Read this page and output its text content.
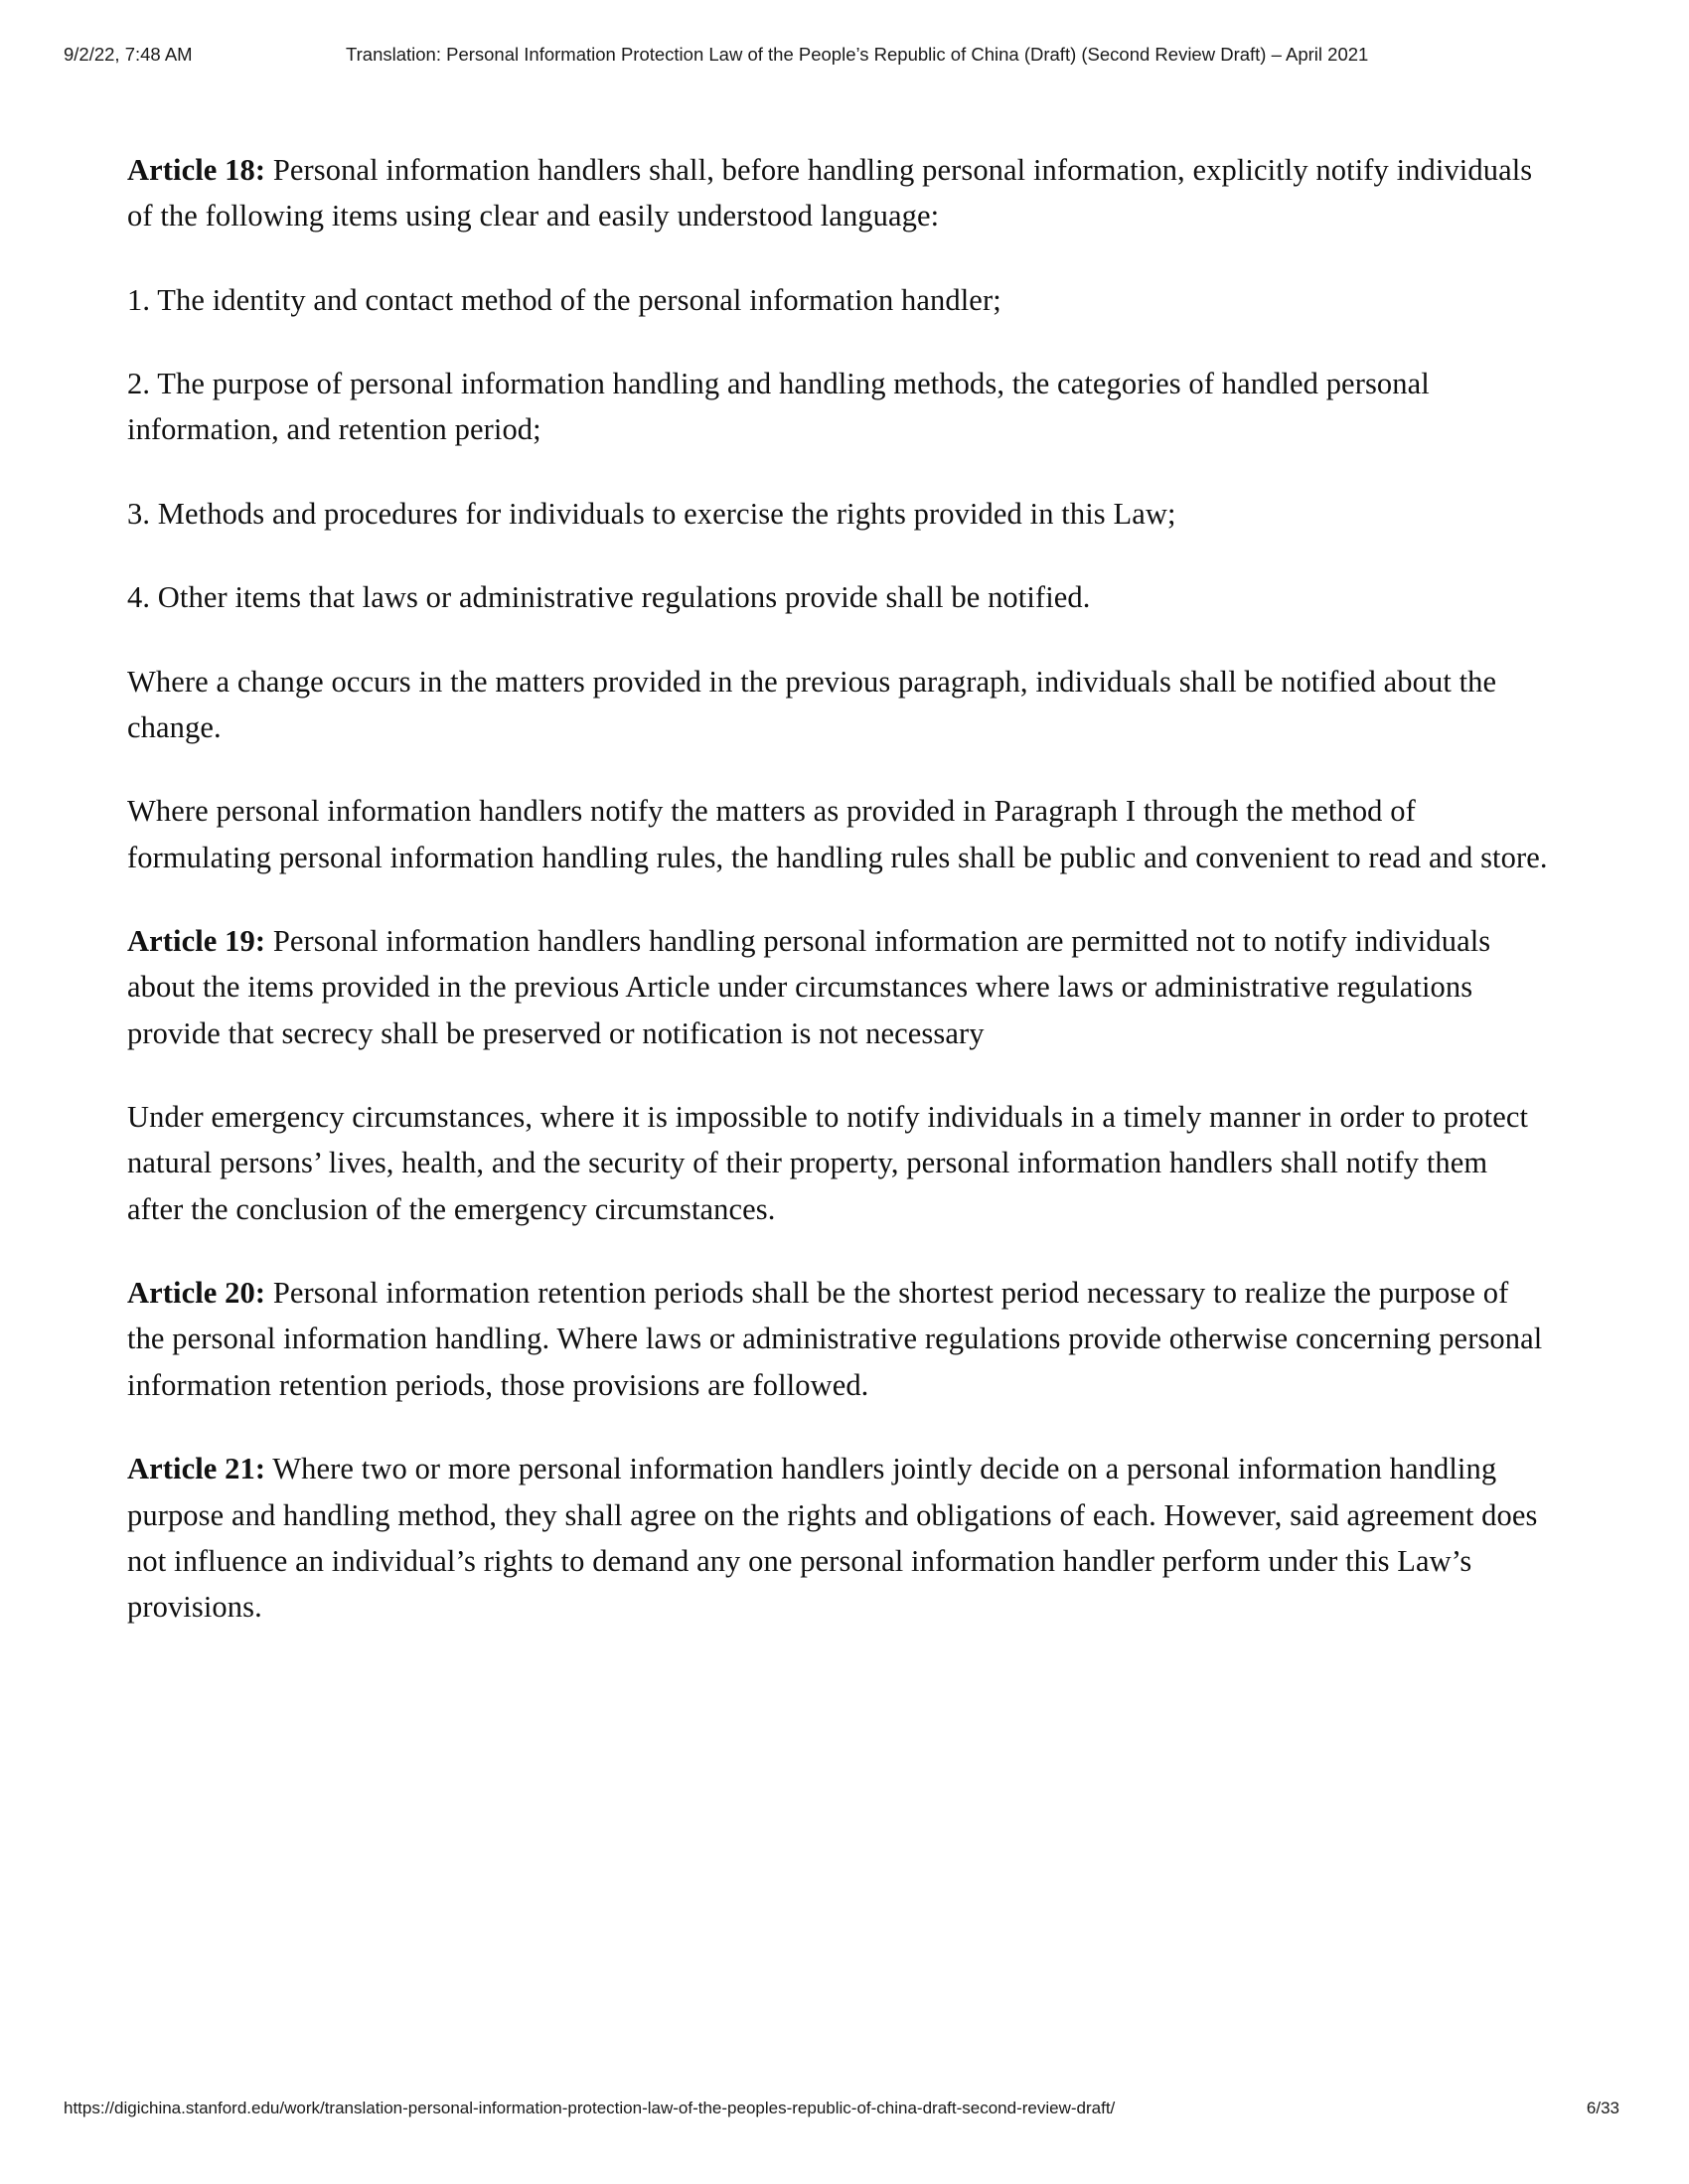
9/2/22, 7:48 AM	Translation: Personal Information Protection Law of the People’s Republic of China (Draft) (Second Review Draft) – April 2021

Article 18: Personal information handlers shall, before handling personal information, explicitly notify individuals of the following items using clear and easily understood language:

1. The identity and contact method of the personal information handler;

2. The purpose of personal information handling and handling methods, the categories of handled personal information, and retention period;

3. Methods and procedures for individuals to exercise the rights provided in this Law;

4. Other items that laws or administrative regulations provide shall be notified.

Where a change occurs in the matters provided in the previous paragraph, individuals shall be notified about the change.

Where personal information handlers notify the matters as provided in Paragraph I through the method of formulating personal information handling rules, the handling rules shall be public and convenient to read and store.

Article 19: Personal information handlers handling personal information are permitted not to notify individuals about the items provided in the previous Article under circumstances where laws or administrative regulations provide that secrecy shall be preserved or notification is not necessary

Under emergency circumstances, where it is impossible to notify individuals in a timely manner in order to protect natural persons’ lives, health, and the security of their property, personal information handlers shall notify them after the conclusion of the emergency circumstances.

Article 20: Personal information retention periods shall be the shortest period necessary to realize the purpose of the personal information handling. Where laws or administrative regulations provide otherwise concerning personal information retention periods, those provisions are followed.

Article 21: Where two or more personal information handlers jointly decide on a personal information handling purpose and handling method, they shall agree on the rights and obligations of each. However, said agreement does not influence an individual’s rights to demand any one personal information handler perform under this Law’s provisions.

https://digichina.stanford.edu/work/translation-personal-information-protection-law-of-the-peoples-republic-of-china-draft-second-review-draft/	6/33
